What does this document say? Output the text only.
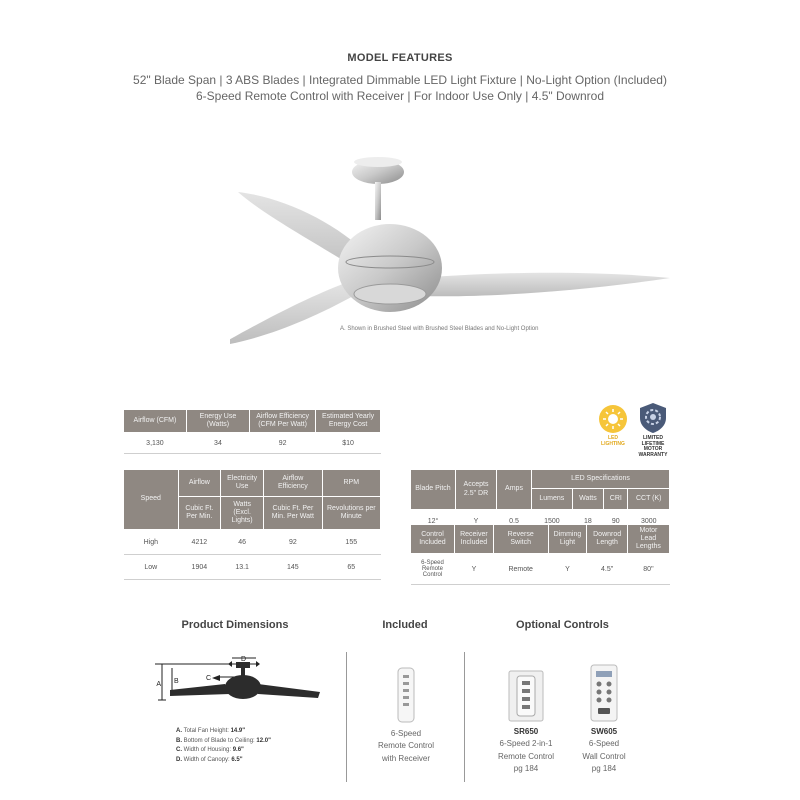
MODEL FEATURES
52" Blade Span | 3 ABS Blades | Integrated Dimmable LED Light Fixture | No-Light Option (Included)
6-Speed Remote Control with Receiver | For Indoor Use Only | 4.5" Downrod
A. Shown in Brushed Steel with Brushed Steel Blades and No-Light Option
Airflow (CFM)	Energy Use (Watts)	Airflow Efficiency (CFM Per Watt)	Estimated Yearly Energy Cost
3,130	34	92	$10
LED LIGHTING
LIMITED LIFETIME MOTOR WARRANTY
Speed	Airflow	Electricity Use	Airflow Efficiency	RPM
	Cubic Ft. Per Min.	Watts (Excl. Lights)	Cubic Ft. Per Min. Per Watt	Revolutions per Minute
High	4212	46	92	155
Low	1904	13.1	145	65
Blade Pitch	Accepts 2.5" DR	Amps	LED Specifications			
			Lumens	Watts	CRI	CCT (K)
12°	Y	0.5	1500	18	90	3000
Control Included	Receiver Included	Reverse Switch	Dimming Light	Downrod Length	Motor Lead Lengths
6-Speed Remote Control	Y	Remote	Y	4.5"	80"
Product Dimensions	Included	Optional Controls
A B	C
D
A. Total Fan Height: 14.9"
B. Bottom of Blade to Ceiling: 12.0"
C. Width of Housing: 9.6"
D. Width of Canopy: 6.5"
6-Speed
Remote Control
with Receiver
SR650
6-Speed 2-in-1
Remote Control
pg 184
SW605
6-Speed
Wall Control
pg 184
